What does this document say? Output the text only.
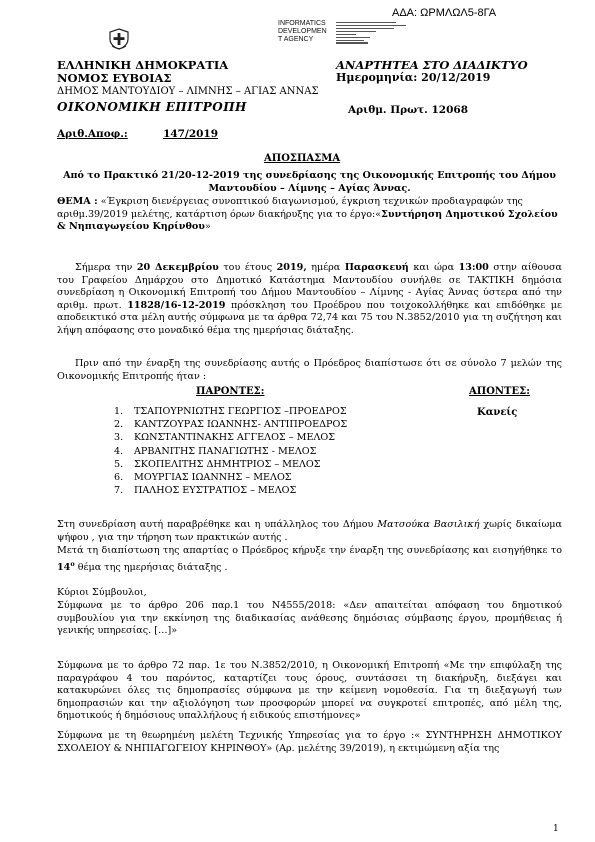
ΑΔΑ: ΩΡΜΛΩΛ5-8ΓΑ
INFORMATICS
DEVELOPMEN
T AGENCY
ΕΛΛΗΝΙΚΗ ΔΗΜΟΚΡΑΤΙΑ	ΑΝΑΡΤΗΤΕΑ ΣΤΟ ΔΙΑΔΙΚΤΥΟ
ΝΟΜΟΣ ΕΥΒΟΙΑΣ	Ημερομηνία: 20/12/2019
ΔΗΜΟΣ ΜΑΝΤΟΥΔΙΟΥ – ΛΙΜΝΗΣ – ΑΓΙΑΣ ΑΝΝΑΣ
ΟΙΚΟΝΟΜΙΚΗ ΕΠΙΤΡΟΠΗ	Αριθμ. Πρωτ. 12068
Αριθ.Αποφ.:	147/2019
ΑΠΟΣΠΑΣΜΑ
Από το Πρακτικό 21/20-12-2019 της συνεδρίασης της Οικονομικής Επιτροπής του Δήμου
Μαντουδίου – Λίμνης – Αγίας Άννας.
ΘΕΜΑ : «Έγκριση διενέργειας συνοπτικού διαγωνισμού, έγκριση τεχνικών προδιαγραφών της αριθμ.39/2019 μελέτης, κατάρτιση όρων διακήρυξης για το έργο:«Συντήρηση Δημοτικού Σχολείου & Νηπιαγωγείου Κηρίνθου»
Σήμερα την 20 Δεκεμβρίου του έτους 2019, ημέρα Παρασκευή και ώρα 13:00 στην αίθουσα του Γραφείου Δημάρχου στο Δημοτικό Κατάστημα Μαντουδίου συνήλθε σε ΤΑΚΤΙΚΗ δημόσια συνεδρίαση η Οικονομική Επιτροπή του Δήμου Μαντουδίου – Λίμνης - Αγίας Άννας ύστερα από την αριθμ. πρωτ. 11828/16-12-2019 πρόσκληση του Προέδρου που τοιχοκολλήθηκε και επιδόθηκε με αποδεικτικό στα μέλη αυτής σύμφωνα με τα άρθρα 72,74 και 75 του Ν.3852/2010 για τη συζήτηση και λήψη απόφασης στο μοναδικό θέμα της ημερήσιας διάταξης.
Πριν από την έναρξη της συνεδρίασης αυτής ο Πρόεδρος διαπίστωσε ότι σε σύνολο 7 μελών της Οικονομικής Επιτροπής ήταν :
ΠΑΡΟΝΤΕΣ:	ΑΠΟΝΤΕΣ:
Κανείς
1. ΤΣΑΠΟΥΡΝΙΩΤΗΣ ΓΕΩΡΓΙΟΣ –ΠΡΟΕΔΡΟΣ
2. ΚΑΝΤΖΟΥΡΑΣ ΙΩΑΝΝΗΣ- ΑΝΤΙΠΡΟΕΔΡΟΣ
3. ΚΩΝΣΤΑΝΤΙΝΑΚΗΣ ΑΓΓΕΛΟΣ – ΜΕΛΟΣ
4. ΑΡΒΑΝΙΤΗΣ ΠΑΝΑΓΙΩΤΗΣ - ΜΕΛΟΣ
5. ΣΚΟΠΕΛΙΤΗΣ ΔΗΜΗΤΡΙΟΣ – ΜΕΛΟΣ
6. ΜΟΥΡΓΙΑΣ ΙΩΑΝΝΗΣ – ΜΕΛΟΣ
7. ΠΑΛΗΟΣ ΕΥΣΤΡΑΤΙΟΣ – ΜΕΛΟΣ
Στη συνεδρίαση αυτή παραβρέθηκε και η υπάλληλος του Δήμου Ματσούκα Βασιλική χωρίς δικαίωμα ψήφου , για την τήρηση των πρακτικών αυτής .
Μετά τη διαπίστωση της απαρτίας ο Πρόεδρος κήρυξε την έναρξη της συνεδρίασης και εισηγήθηκε το $14^o$ θέμα της ημερήσιας διάταξης .
Κύριοι Σύμβουλοι,
Σύμφωνα με το άρθρο 206 παρ.1 του Ν4555/2018: «Δεν απαιτείται απόφαση του δημοτικού συμβουλίου για την εκκίνηση της διαδικασίας ανάθεσης δημόσιας σύμβασης έργου, προμήθειας ή γενικής υπηρεσίας. […]»
Σύμφωνα με το άρθρο 72 παρ. 1ε του Ν.3852/2010, η Οικονομική Επιτροπή «Με την επιφύλαξη της παραγράφου 4 του παρόντος, καταρτίζει τους όρους, συντάσσει τη διακήρυξη, διεξάγει και κατακυρώνει όλες τις δημοπρασίες σύμφωνα με την κείμενη νομοθεσία. Για τη διεξαγωγή των δημοπρασιών και την αξιολόγηση των προσφορών μπορεί να συγκροτεί επιτροπές, από μέλη της, δημοτικούς ή δημόσιους υπαλλήλους ή ειδικούς επιστήμονες»
Σύμφωνα με τη θεωρημένη μελέτη Τεχνικής Υπηρεσίας για το έργο :« ΣΥΝΤΗΡΗΣΗ ΔΗΜΟΤΙΚΟΥ ΣΧΟΛΕΙΟΥ & ΝΗΠΙΑΓΩΓΕΙΟΥ ΚΗΡΙΝΘΟΥ» (Αρ. μελέτης 39/2019), η εκτιμώμενη αξία της
1
